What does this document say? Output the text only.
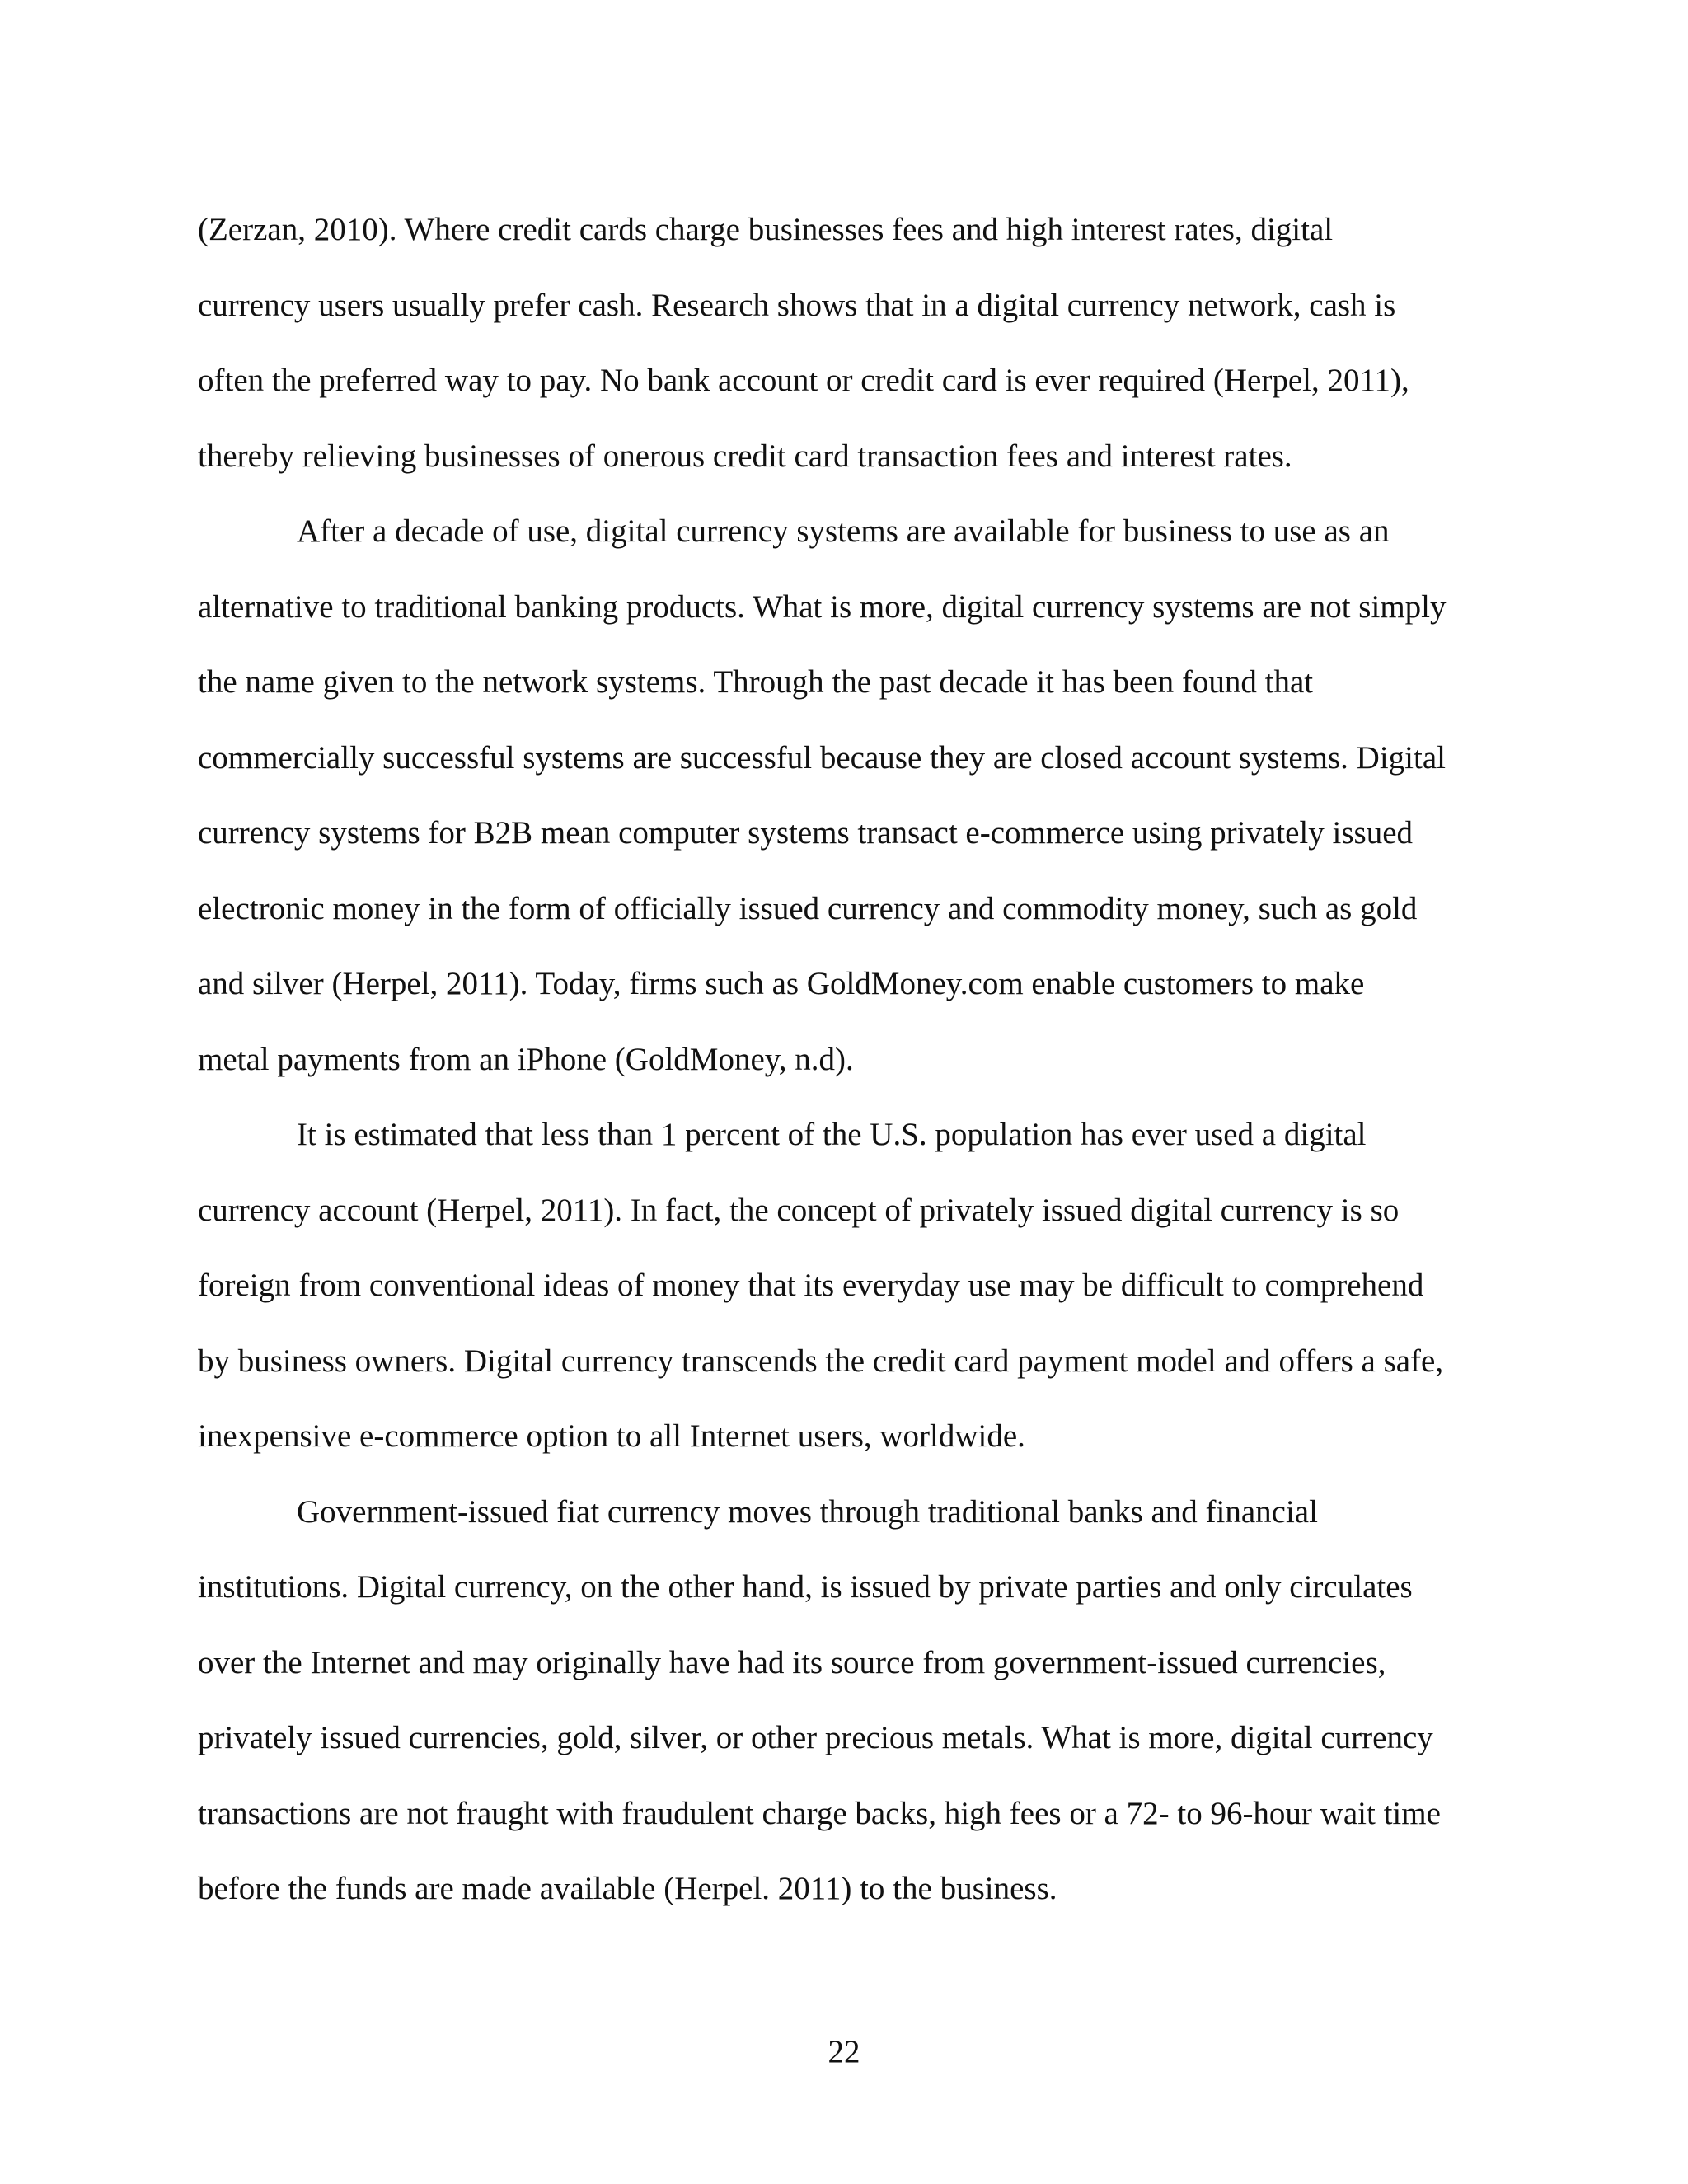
(Zerzan, 2010). Where credit cards charge businesses fees and high interest rates, digital
currency users usually prefer cash. Research shows that in a digital currency network, cash is
often the preferred way to pay. No bank account or credit card is ever required (Herpel, 2011),
thereby relieving businesses of onerous credit card transaction fees and interest rates.
After a decade of use, digital currency systems are available for business to use as an
alternative to traditional banking products. What is more, digital currency systems are not simply
the name given to the network systems. Through the past decade it has been found that
commercially successful systems are successful because they are closed account systems. Digital
currency systems for B2B mean computer systems transact e-commerce using privately issued
electronic money in the form of officially issued currency and commodity money, such as gold
and silver (Herpel, 2011). Today, firms such as GoldMoney.com enable customers to make
metal payments from an iPhone (GoldMoney, n.d).
It is estimated that less than 1 percent of the U.S. population has ever used a digital
currency account (Herpel, 2011). In fact, the concept of privately issued digital currency is so
foreign from conventional ideas of money that its everyday use may be difficult to comprehend
by business owners. Digital currency transcends the credit card payment model and offers a safe,
inexpensive e-commerce option to all Internet users, worldwide.
Government-issued fiat currency moves through traditional banks and financial
institutions. Digital currency, on the other hand, is issued by private parties and only circulates
over the Internet and may originally have had its source from government-issued currencies,
privately issued currencies, gold, silver, or other precious metals. What is more, digital currency
transactions are not fraught with fraudulent charge backs, high fees or a 72- to 96-hour wait time
before the funds are made available (Herpel. 2011) to the business.
22
